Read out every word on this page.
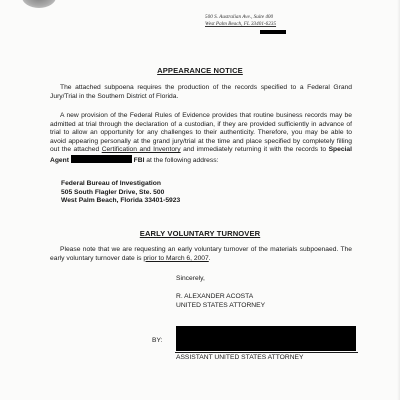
500 S. Australian Ave., Suite 400
West Palm Beach, FL 33401-6235
APPEARANCE NOTICE
The attached subpoena requires the production of the records specified to a Federal Grand Jury/Trial in the Southern District of Florida.
A new provision of the Federal Rules of Evidence provides that routine business records may be admitted at trial through the declaration of a custodian, if they are provided sufficiently in advance of trial to allow an opportunity for any challenges to their authenticity. Therefore, you may be able to avoid appearing personally at the grand jury/trial at the time and place specified by completely filling out the attached Certification and Inventory and immediately returning it with the records to Special Agent	FBI at the following address:
Federal Bureau of Investigation
505 South Flagler Drive, Ste. 500
West Palm Beach, Florida 33401-5923
EARLY VOLUNTARY TURNOVER
Please note that we are requesting an early voluntary turnover of the materials subpoenaed. The early voluntary turnover date is prior to March 6, 2007.
Sincerely,
R. ALEXANDER ACOSTA
UNITED STATES ATTORNEY
BY:
ASSISTANT UNITED STATES ATTORNEY
